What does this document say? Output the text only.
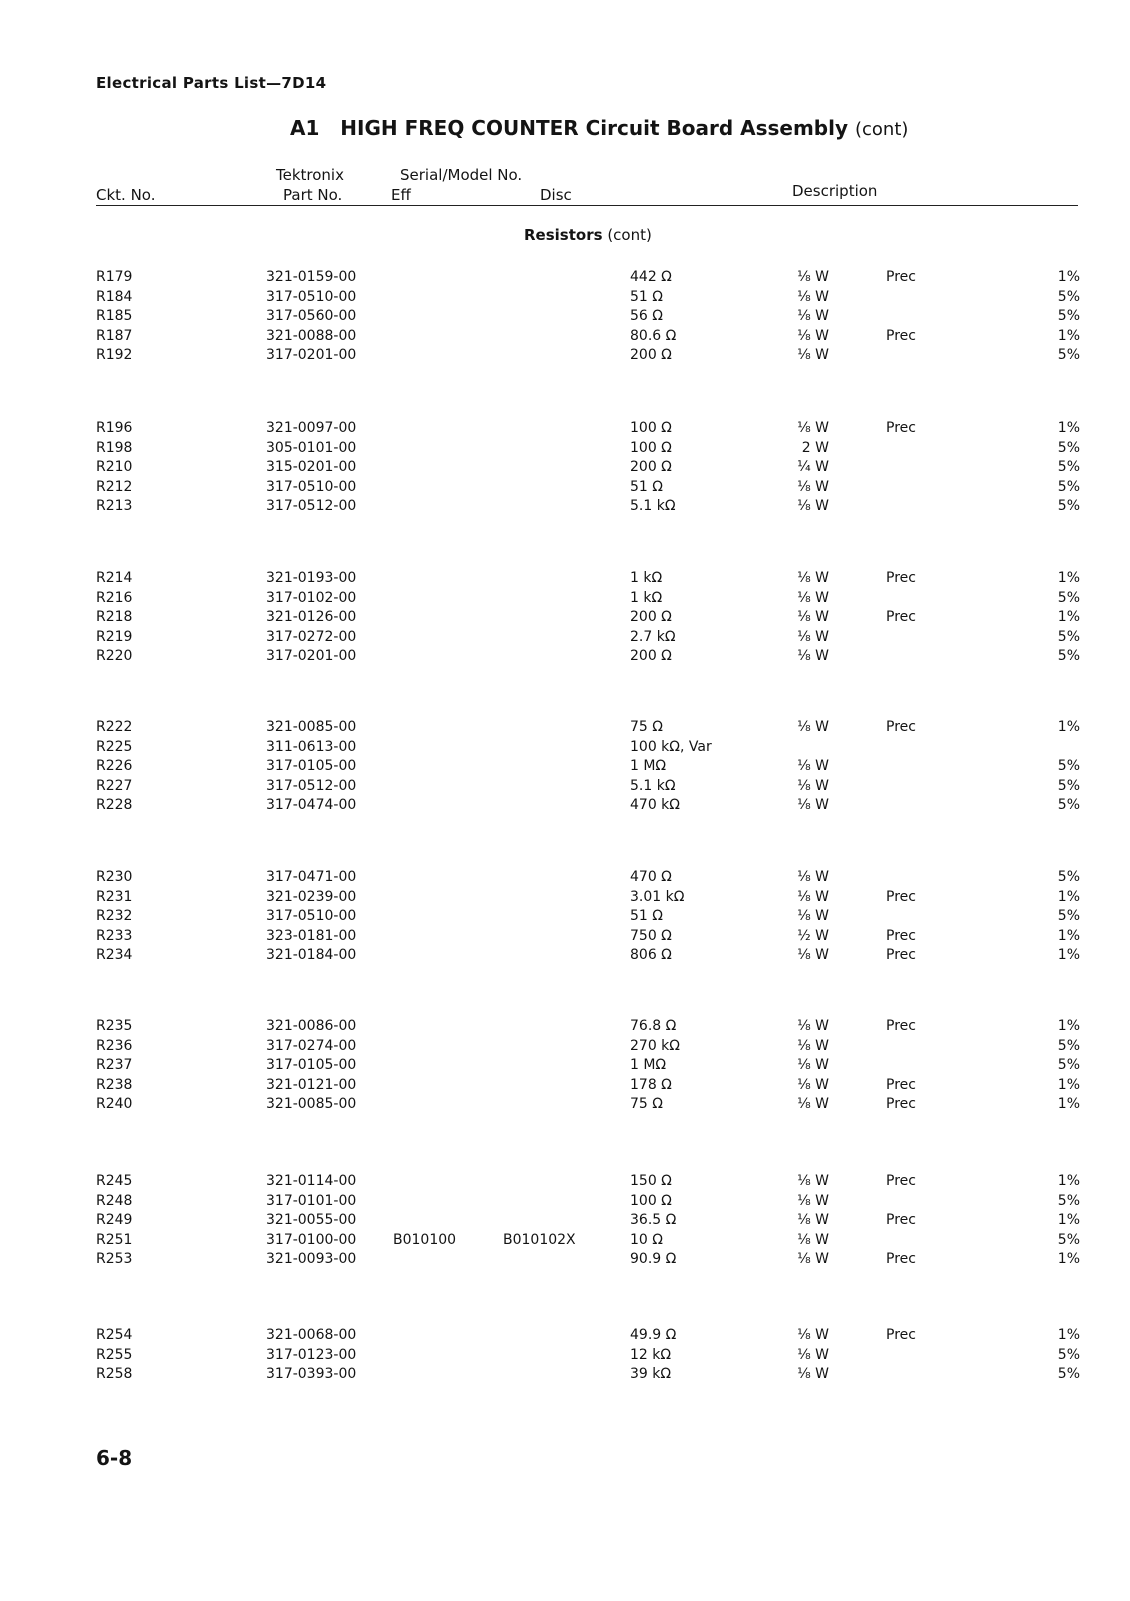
Electrical Parts List—7D14
A1 HIGH FREQ COUNTER Circuit Board Assembly (cont)
Ckt. No.
Tektronix
Part No.
Serial/Model No.
Eff	Disc	Description
Resistors (cont)
R179	321-0159-00	442 Ω	⅛ W	Prec	1%
R184	317-0510-00	51 Ω	⅛ W	5%
R185	317-0560-00	56 Ω	⅛ W	5%
R187	321-0088-00	80.6 Ω	⅛ W	Prec	1%
R192	317-0201-00	200 Ω	⅛ W	5%
R196	321-0097-00	100 Ω	⅛ W	Prec	1%
R198	305-0101-00	100 Ω	2 W	5%
R210	315-0201-00	200 Ω	¼ W	5%
R212	317-0510-00	51 Ω	⅛ W	5%
R213	317-0512-00	5.1 kΩ	⅛ W	5%
R214	321-0193-00	1 kΩ	⅛ W	Prec	1%
R216	317-0102-00	1 kΩ	⅛ W	5%
R218	321-0126-00	200 Ω	⅛ W	Prec	1%
R219	317-0272-00	2.7 kΩ	⅛ W	5%
R220	317-0201-00	200 Ω	⅛ W	5%
R222	321-0085-00	75 Ω	⅛ W	Prec	1%
R225	311-0613-00	100 kΩ, Var
R226	317-0105-00	1 MΩ	⅛ W	5%
R227	317-0512-00	5.1 kΩ	⅛ W	5%
R228	317-0474-00	470 kΩ	⅛ W	5%
R230	317-0471-00	470 Ω	⅛ W	5%
R231	321-0239-00	3.01 kΩ	⅛ W	Prec	1%
R232	317-0510-00	51 Ω	⅛ W	5%
R233	323-0181-00	750 Ω	½ W	Prec	1%
R234	321-0184-00	806 Ω	⅛ W	Prec	1%
R235	321-0086-00	76.8 Ω	⅛ W	Prec	1%
R236	317-0274-00	270 kΩ	⅛ W	5%
R237	317-0105-00	1 MΩ	⅛ W	5%
R238	321-0121-00	178 Ω	⅛ W	Prec	1%
R240	321-0085-00	75 Ω	⅛ W	Prec	1%
R245	321-0114-00	150 Ω	⅛ W	Prec	1%
R248	317-0101-00	100 Ω	⅛ W	5%
R249	321-0055-00	36.5 Ω	⅛ W	Prec	1%
R251	317-0100-00	B010100	B010102X	10 Ω	⅛ W	5%
R253	321-0093-00	90.9 Ω	⅛ W	Prec	1%
R254	321-0068-00	49.9 Ω	⅛ W	Prec	1%
R255	317-0123-00	12 kΩ	⅛ W	5%
R258	317-0393-00	39 kΩ	⅛ W	5%
6-8
